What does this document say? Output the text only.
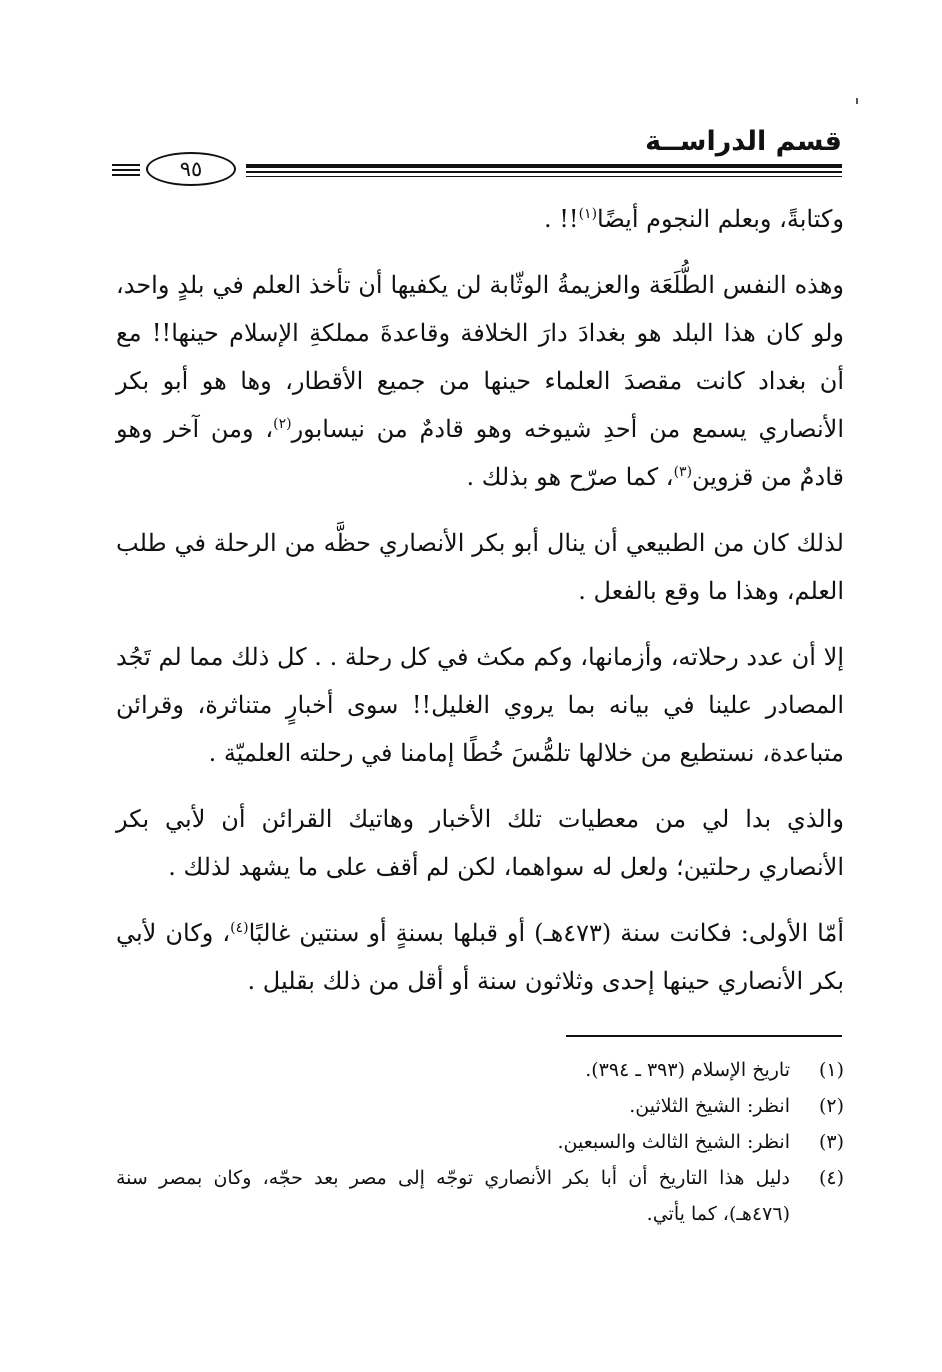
قسم الدراســة
٩٥

وكتابةً، وبعلم النجوم أيضًا$^{(١)}$!! .

وهذه النفس الطُّلَعَة والعزيمةُ الوثّابة لن يكفيها أن تأخذ العلم في بلدٍ واحد، ولو كان هذا البلد هو بغدادَ دارَ الخلافة وقاعدةَ مملكةِ الإسلام حينها!! مع أن بغداد كانت مقصدَ العلماء حينها من جميع الأقطار، وها هو أبو بكر الأنصاري يسمع من أحدِ شيوخه وهو قادمٌ من نيسابور$^{(٢)}$، ومن آخر وهو قادمٌ من قزوين$^{(٣)}$، كما صرّح هو بذلك .

لذلك كان من الطبيعي أن ينال أبو بكر الأنصاري حظَّه من الرحلة في طلب العلم، وهذا ما وقع بالفعل .

إلا أن عدد رحلاته، وأزمانها، وكم مكث في كل رحلة . . كل ذلك مما لم تَجُد المصادر علينا في بيانه بما يروي الغليل!! سوى أخبارٍ متناثرة، وقرائن متباعدة، نستطيع من خلالها تلمُّسَ خُطًا إمامنا في رحلته العلميّة .

والذي بدا لي من معطيات تلك الأخبار وهاتيك القرائن أن لأبي بكر الأنصاري رحلتين؛ ولعل له سواهما، لكن لم أقف على ما يشهد لذلك .

أمّا الأولى: فكانت سنة (٤٧٣هـ) أو قبلها بسنةٍ أو سنتين غالبًا$^{(٤)}$، وكان لأبي بكر الأنصاري حينها إحدى وثلاثون سنة أو أقل من ذلك بقليل .

(١)
تاريخ الإسلام (٣٩٣ ـ ٣٩٤).
(٢)
انظر: الشيخ الثلاثين.
(٣)
انظر: الشيخ الثالث والسبعين.
(٤)
دليل هذا التاريخ أن أبا بكر الأنصاري توجّه إلى مصر بعد حجّه، وكان بمصر سنة (٤٧٦هـ)، كما يأتي.
